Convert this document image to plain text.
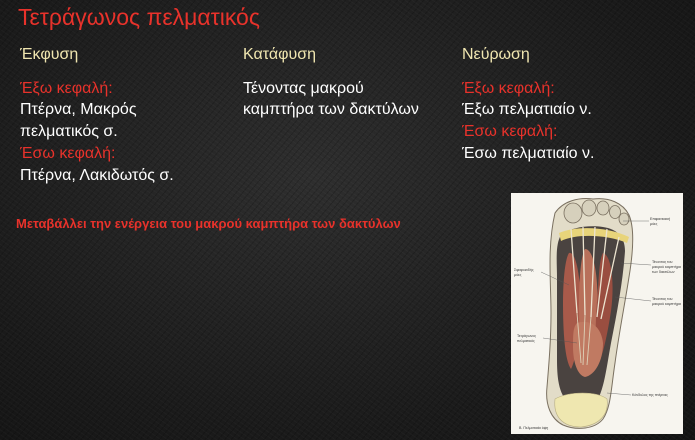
Τετράγωνος πελματικός
Έκφυση
Έξω κεφαλή:
Πτέρνα, Μακρός
πελματικός σ.
Έσω κεφαλή:
Πτέρνα, Λακιδωτός σ.
Κατάφυση
Τένοντας μακρού
καμπτήρα των δακτύλων
Νεύρωση
Έξω κεφαλή:
Έξω πελματιαίο ν.
Έσω κεφαλή:
Έσω πελματιαίο ν.
Μεταβάλλει την ενέργεια του μακρού καμπτήρα των δακτύλων
Σφαιροειδής
μύες
Επιφανειακή
μύες
Τένοντας του
μακρού καμπτήρα
των δακτύλων
Τένοντας του
μακρού καμπτήρα
Τετράγωνος
πελματικός
Κόνδυλος της πτέρνας
Β. Πελματιαία όψη
